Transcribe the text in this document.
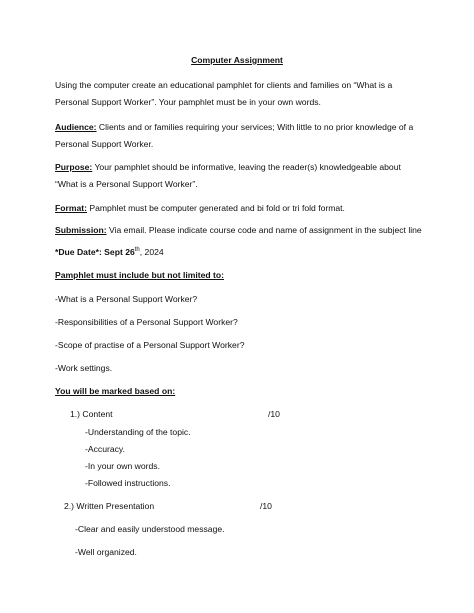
Computer Assignment
Using the computer create an educational pamphlet for clients and families on “What is a
Personal Support Worker”. Your pamphlet must be in your own words.
Audience: Clients and or families requiring your services; With little to no prior knowledge of a
Personal Support Worker.
Purpose: Your pamphlet should be informative, leaving the reader(s) knowledgeable about
“What is a Personal Support Worker”.
Format: Pamphlet must be computer generated and bi fold or tri fold format.
Submission: Via email. Please indicate course code and name of assignment in the subject line
*Due Date*: Sept 26th, 2024
Pamphlet must include but not limited to:
-What is a Personal Support Worker?
-Responsibilities of a Personal Support Worker?
-Scope of practise of a Personal Support Worker?
-Work settings.
You will be marked based on:
1.) Content	/10
-Understanding of the topic.
-Accuracy.
-In your own words.
-Followed instructions.
2.) Written Presentation	/10
-Clear and easily understood message.
-Well organized.
